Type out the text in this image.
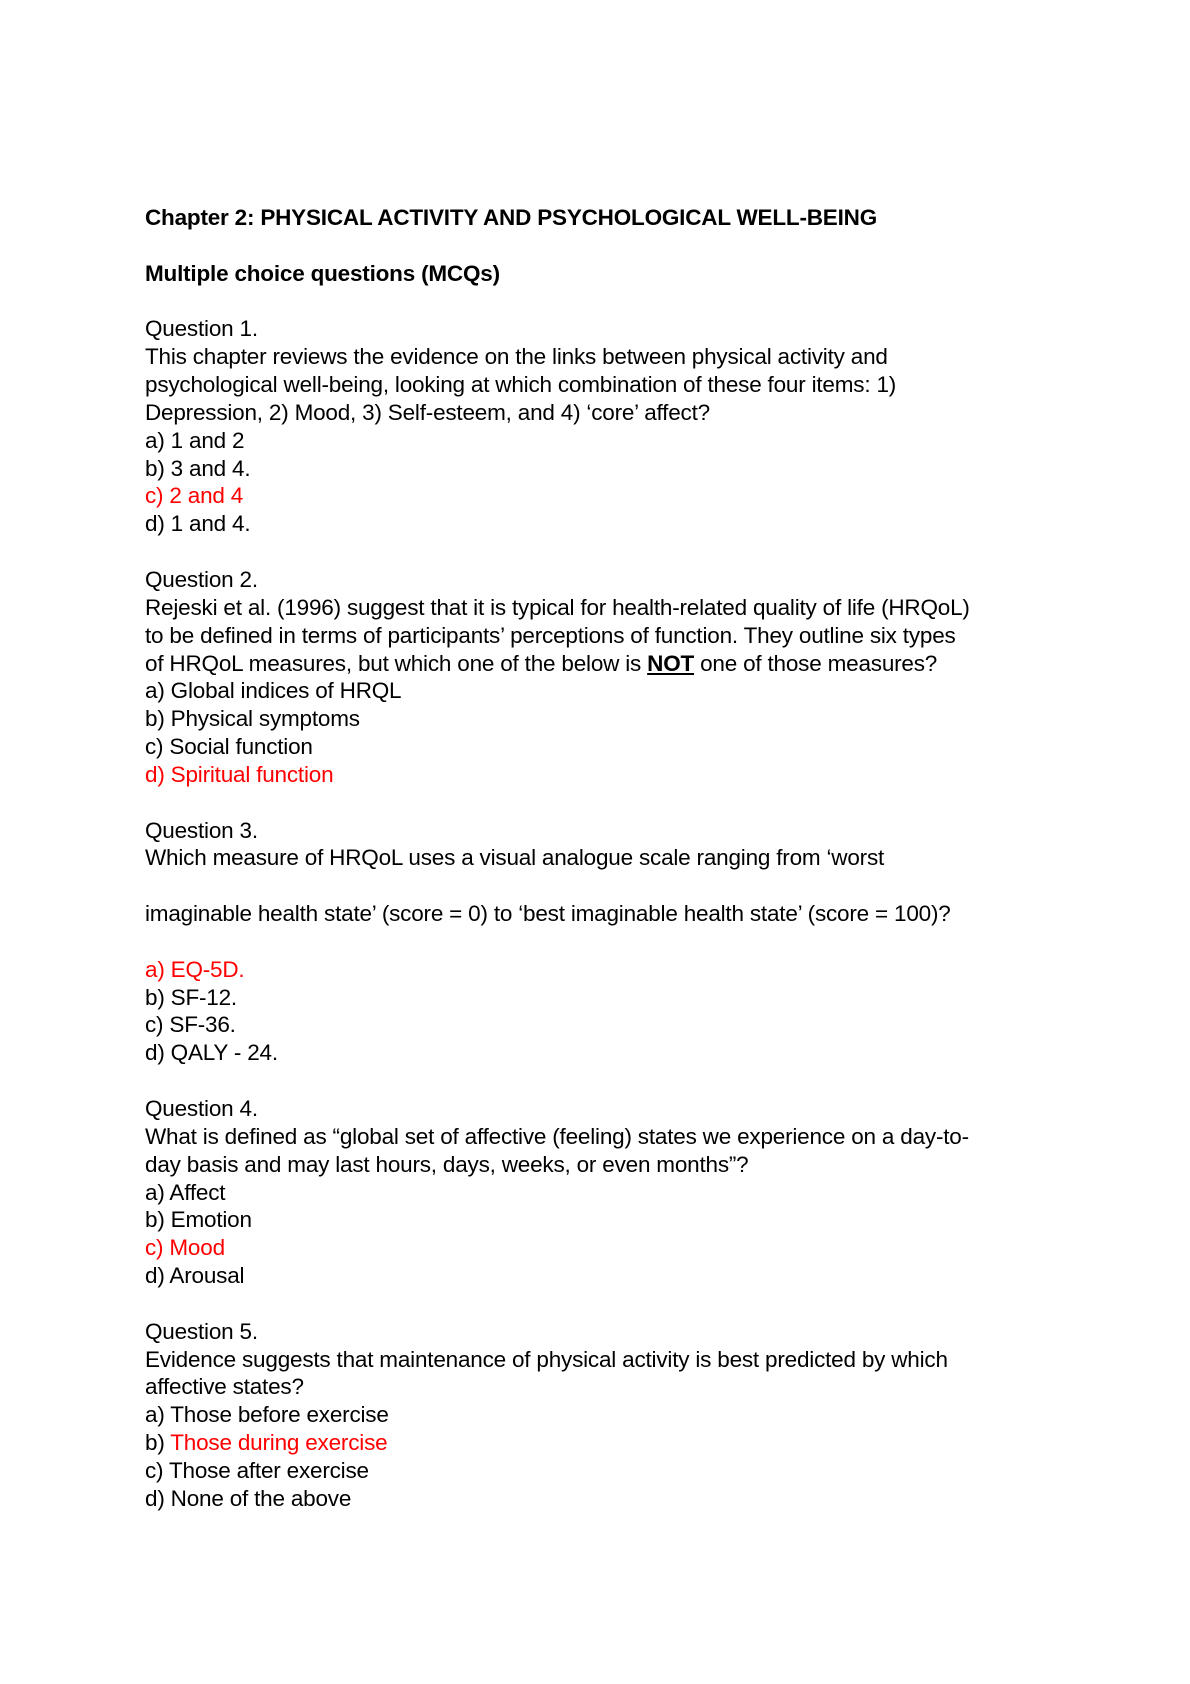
Chapter 2: PHYSICAL ACTIVITY AND PSYCHOLOGICAL WELL-BEING
Multiple choice questions (MCQs)
Question 1.
This chapter reviews the evidence on the links between physical activity and
psychological well-being, looking at which combination of these four items: 1)
Depression, 2) Mood, 3) Self-esteem, and 4) ‘core’ affect?
a) 1 and 2
b) 3 and 4.
c) 2 and 4
d) 1 and 4.
Question 2.
Rejeski et al. (1996) suggest that it is typical for health-related quality of life (HRQoL)
to be defined in terms of participants’ perceptions of function. They outline six types
of HRQoL measures, but which one of the below is NOT one of those measures?
a) Global indices of HRQL
b) Physical symptoms
c) Social function
d) Spiritual function
Question 3.
Which measure of HRQoL uses a visual analogue scale ranging from ‘worst
imaginable health state’ (score = 0) to ‘best imaginable health state’ (score = 100)?
a) EQ-5D.
b) SF-12.
c) SF-36.
d) QALY - 24.
Question 4.
What is defined as “global set of affective (feeling) states we experience on a day-to-
day basis and may last hours, days, weeks, or even months”?
a) Affect
b) Emotion
c) Mood
d) Arousal
Question 5.
Evidence suggests that maintenance of physical activity is best predicted by which
affective states?
a) Those before exercise
b) Those during exercise
c) Those after exercise
d) None of the above
